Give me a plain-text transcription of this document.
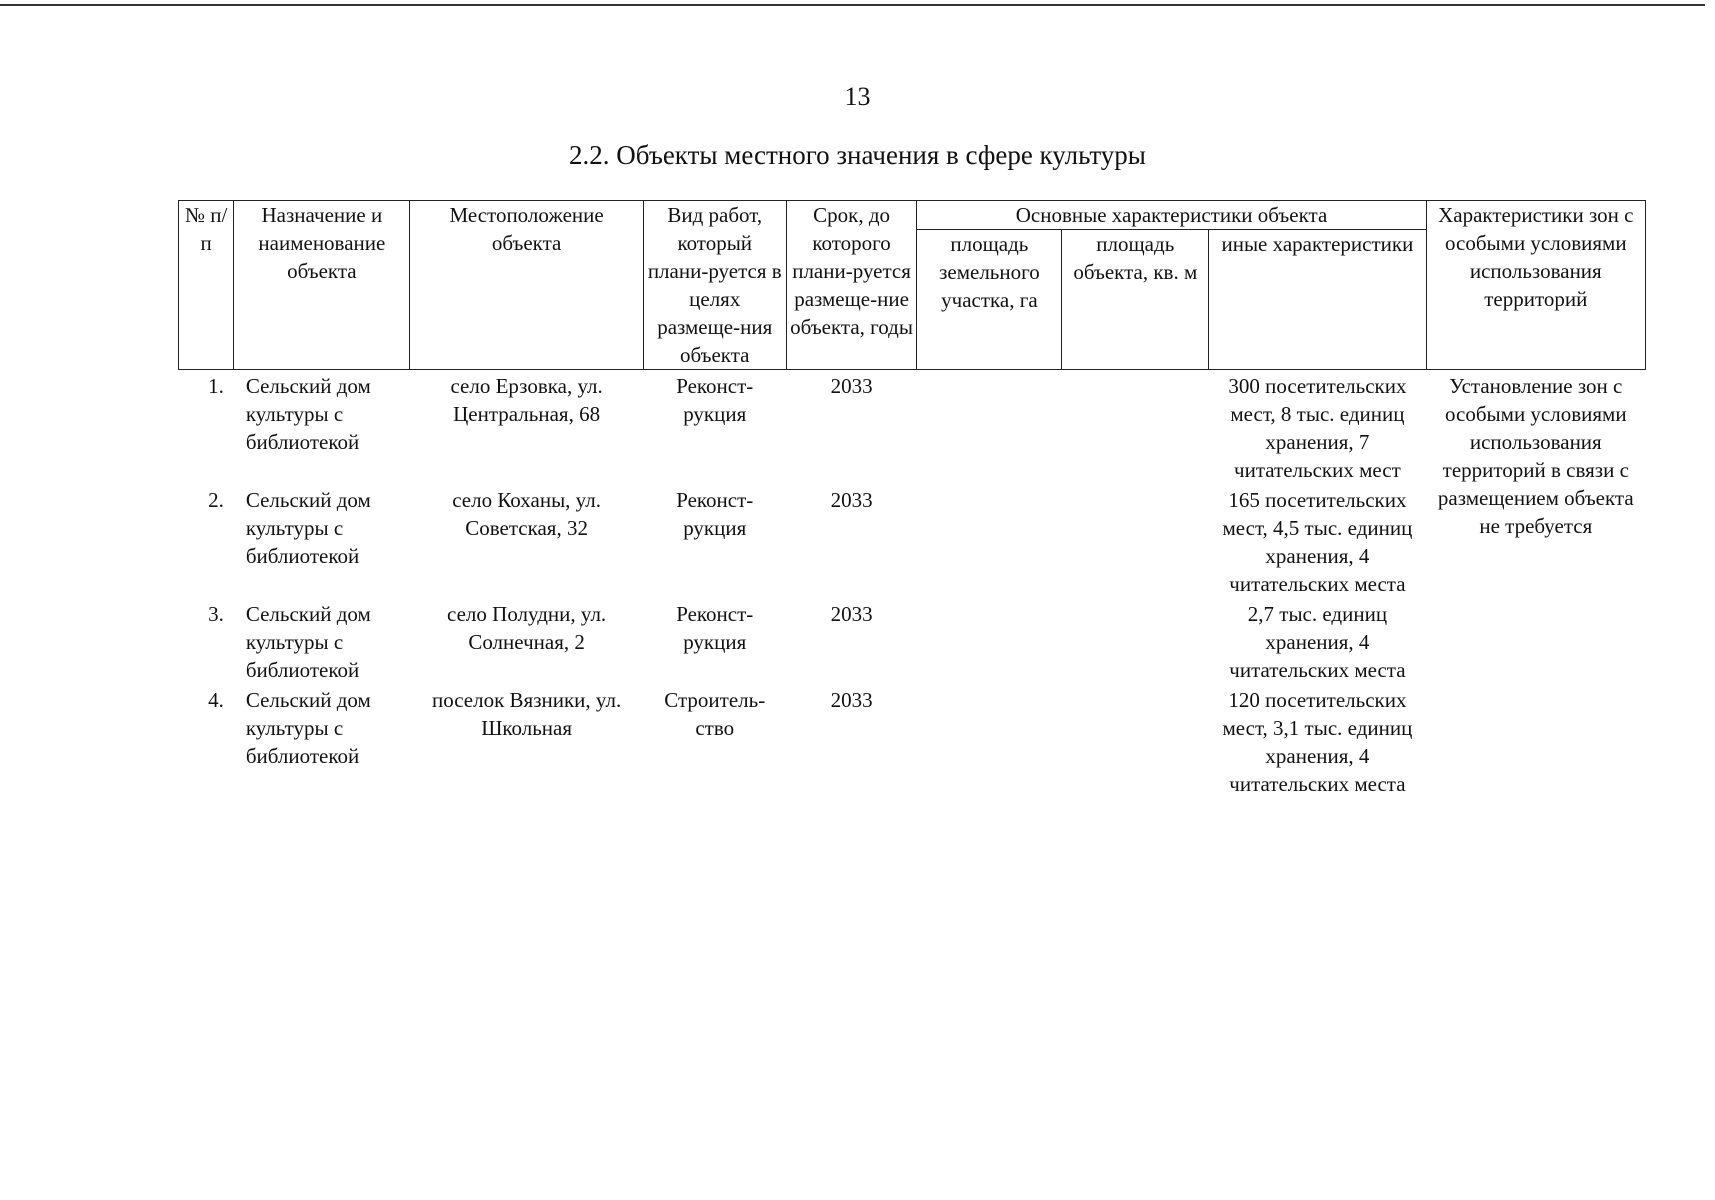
13
2.2. Объекты местного значения в сфере культуры
№ п/п	Назначение и наименование объекта	Местоположение объекта	Вид работ, который плани-руется в целях размеще-ния объекта	Срок, до которого плани-руется размеще-ние объекта, годы	Основные характеристики объекта			Характеристики зон с особыми условиями использования территорий
					площадь земельного участка, га	площадь объекта, кв. м	иные характеристики	
1.	Сельский дом культуры с библиотекой	село Ерзовка, ул. Центральная, 68	Реконст-рукция	2033			300 посетительских мест, 8 тыс. единиц хранения, 7 читательских мест	Установление зон с особыми условиями использования территорий в связи с размещением объекта не требуется
2.	Сельский дом культуры с библиотекой	село Коханы, ул. Советская, 32	Реконст-рукция	2033			165 посетительских мест, 4,5 тыс. единиц хранения, 4 читательских места	
3.	Сельский дом культуры с библиотекой	село Полудни, ул. Солнечная, 2	Реконст-рукция	2033			2,7 тыс. единиц хранения, 4 читательских места	
4.	Сельский дом культуры с библиотекой	поселок Вязники, ул. Школьная	Строитель-ство	2033			120 посетительских мест, 3,1 тыс. единиц хранения, 4 читательских места	
